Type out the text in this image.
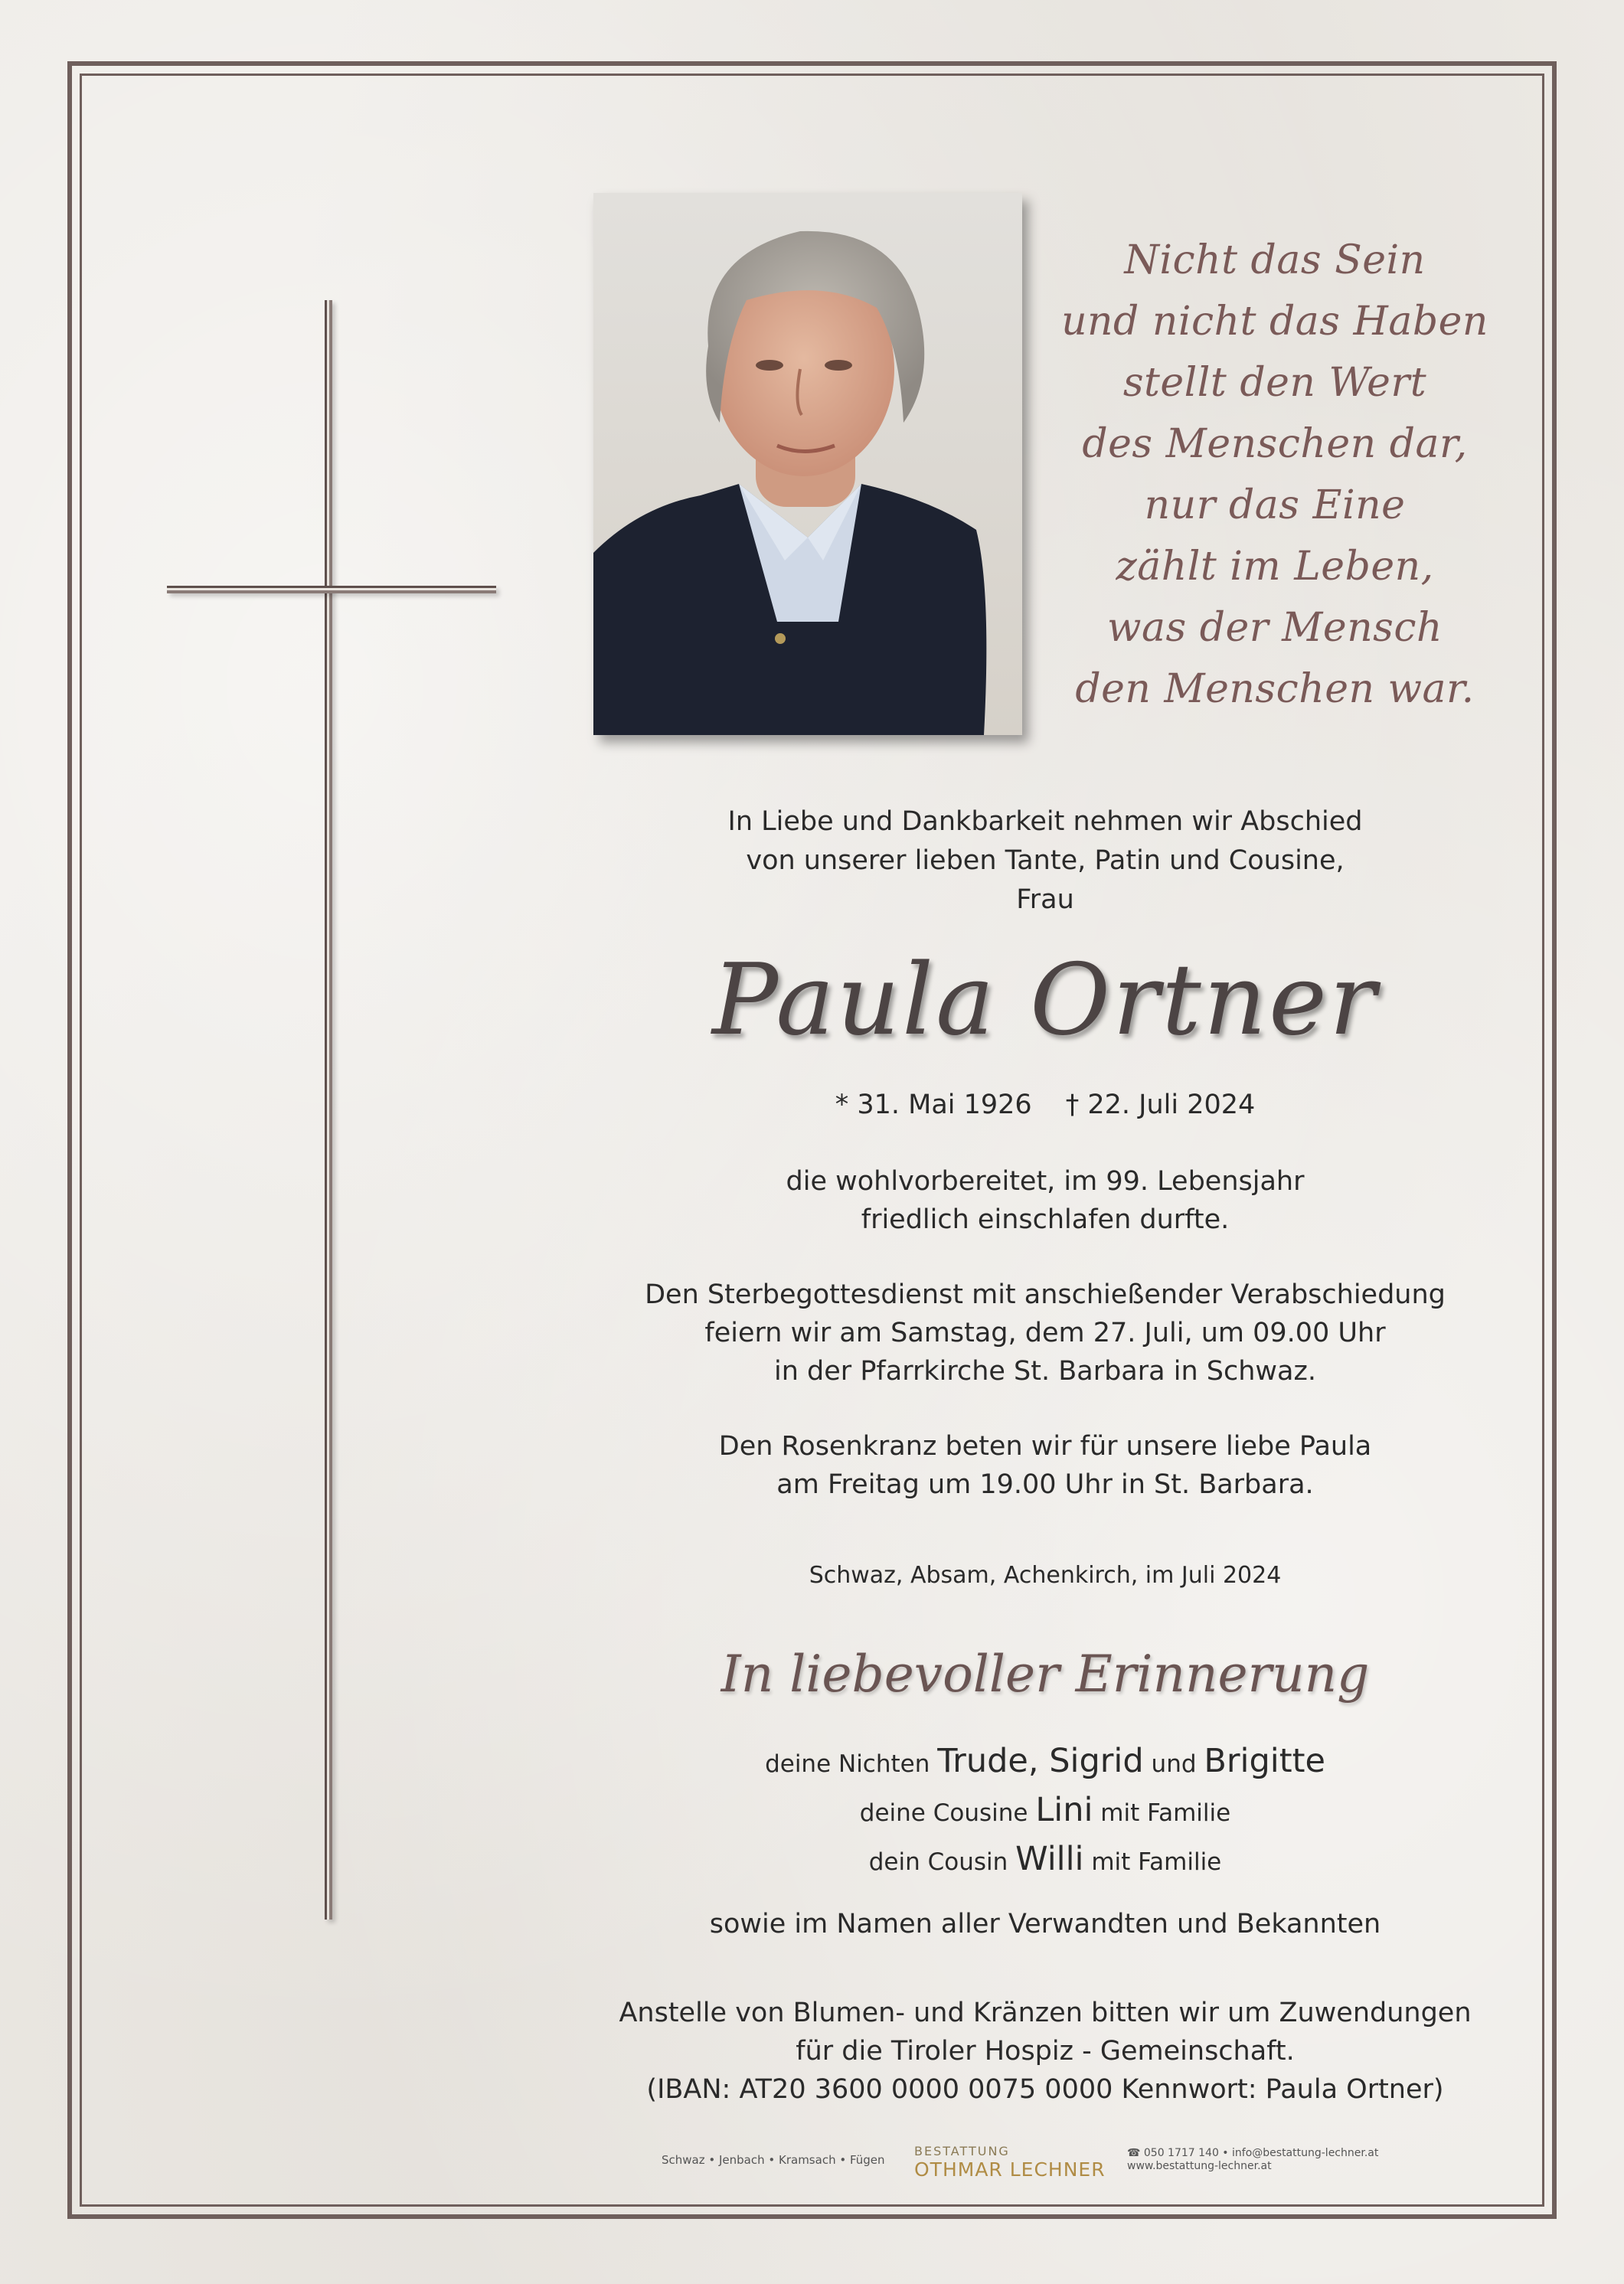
Nicht das Sein
und nicht das Haben
stellt den Wert
des Menschen dar,
nur das Eine
zählt im Leben,
was der Mensch
den Menschen war.
In Liebe und Dankbarkeit nehmen wir Abschied
von unserer lieben Tante, Patin und Cousine,
Frau
Paula Ortner
* 31. Mai 1926 † 22. Juli 2024
die wohlvorbereitet, im 99. Lebensjahr
friedlich einschlafen durfte.
Den Sterbegottesdienst mit anschießender Verabschiedung
feiern wir am Samstag, dem 27. Juli, um 09.00 Uhr
in der Pfarrkirche St. Barbara in Schwaz.
Den Rosenkranz beten wir für unsere liebe Paula
am Freitag um 19.00 Uhr in St. Barbara.
Schwaz, Absam, Achenkirch, im Juli 2024
In liebevoller Erinnerung
deine Nichten Trude, Sigrid und Brigitte
deine Cousine Lini mit Familie
dein Cousin Willi mit Familie
sowie im Namen aller Verwandten und Bekannten
Anstelle von Blumen- und Kränzen bitten wir um Zuwendungen
für die Tiroler Hospiz - Gemeinschaft.
(IBAN: AT20 3600 0000 0075 0000 Kennwort: Paula Ortner)
Schwaz • Jenbach • Kramsach • Fügen
BESTATTUNG
OTHMAR LECHNER
☎ 050 1717 140 • info@bestattung-lechner.at
www.bestattung-lechner.at
